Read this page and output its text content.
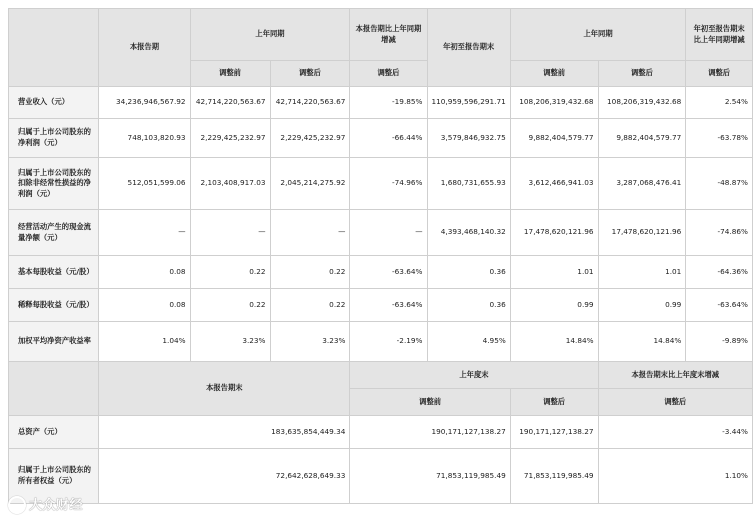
	本报告期	上年同期		本报告期比上年同期增减	年初至报告期末	上年同期		年初至报告期末比上年同期增减
		调整前	调整后	调整后		调整前	调整后	调整后
营业收入（元）	34,236,946,567.92	42,714,220,563.67	42,714,220,563.67	-19.85%	110,959,596,291.71	108,206,319,432.68	108,206,319,432.68	2.54%
归属于上市公司股东的净利润（元）	748,103,820.93	2,229,425,232.97	2,229,425,232.97	-66.44%	3,579,846,932.75	9,882,404,579.77	9,882,404,579.77	-63.78%
归属于上市公司股东的扣除非经常性损益的净利润（元）	512,051,599.06	2,103,408,917.03	2,045,214,275.92	-74.96%	1,680,731,655.93	3,612,466,941.03	3,287,068,476.41	-48.87%
经营活动产生的现金流量净额（元）	—	—	—	—	4,393,468,140.32	17,478,620,121.96	17,478,620,121.96	-74.86%
基本每股收益（元/股）	0.08	0.22	0.22	-63.64%	0.36	1.01	1.01	-64.36%
稀释每股收益（元/股）	0.08	0.22	0.22	-63.64%	0.36	0.99	0.99	-63.64%
加权平均净资产收益率	1.04%	3.23%	3.23%	-2.19%	4.95%	14.84%	14.84%	-9.89%
	本报告期末			上年度末			本报告期末比上年度末增减	
				调整前		调整后	调整后	
总资产（元）	183,635,854,449.34			190,171,127,138.27		190,171,127,138.27	-3.44%	
归属于上市公司股东的所有者权益（元）	72,642,628,649.33			71,853,119,985.49		71,853,119,985.49	1.10%	
大众财经
